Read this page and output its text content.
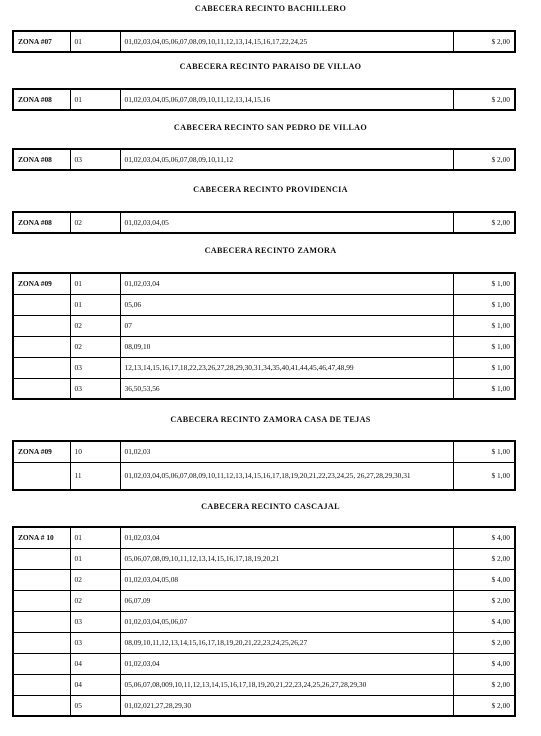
CABECERA RECINTO BACHILLERO
ZONA #07	01	01,02,03,04,05,06,07,08,09,10,11,12,13,14,15,16,17,22,24,25	$ 2,00
CABECERA RECINTO PARAISO DE VILLAO
ZONA #08	01	01,02,03,04,05,06,07,08,09,10,11,12,13,14,15,16	$ 2,00
CABECERA RECINTO SAN PEDRO DE VILLAO
ZONA #08	03	01,02,03,04,05,06,07,08,09,10,11,12	$ 2,00
CABECERA RECINTO PROVIDENCIA
ZONA #08	02	01,02,03,04,05	$ 2,00
CABECERA RECINTO ZAMORA
ZONA #09	01	01,02,03,04	$ 1,00
	01	05,06	$ 1,00
	02	07	$ 1,00
	02	08,09,10	$ 1,00
	03	12,13,14,15,16,17,18,22,23,26,27,28,29,30,31,34,35,40,41,44,45,46,47,48,99	$ 1,00
	03	36,50,53,56	$ 1,00
CABECERA RECINTO ZAMORA CASA DE TEJAS
ZONA #09	10	01,02,03	$ 1,00
	11	01,02,03,04,05,06,07,08,09,10,11,12,13,14,15,16,17,18,19,20,21,22,23,24,25, 26,27,28,29,30,31	$ 1,00
CABECERA RECINTO CASCAJAL
ZONA # 10	01	01,02,03,04	$ 4,00
	01	05,06,07,08,09,10,11,12,13,14,15,16,17,18,19,20,21	$ 2,00
	02	01,02,03,04,05,08	$ 4,00
	02	06,07,09	$ 2,00
	03	01,02,03,04,05,06,07	$ 4,00
	03	08,09,10,11,12,13,14,15,16,17,18,19,20,21,22,23,24,25,26,27	$ 2,00
	04	01,02,03,04	$ 4,00
	04	05,06,07,08,009,10,11,12,13,14,15,16,17,18,19,20,21,22,23,24,25,26,27,28,29,30	$ 2,00
	05	01,02,021,27,28,29,30	$ 2,00
